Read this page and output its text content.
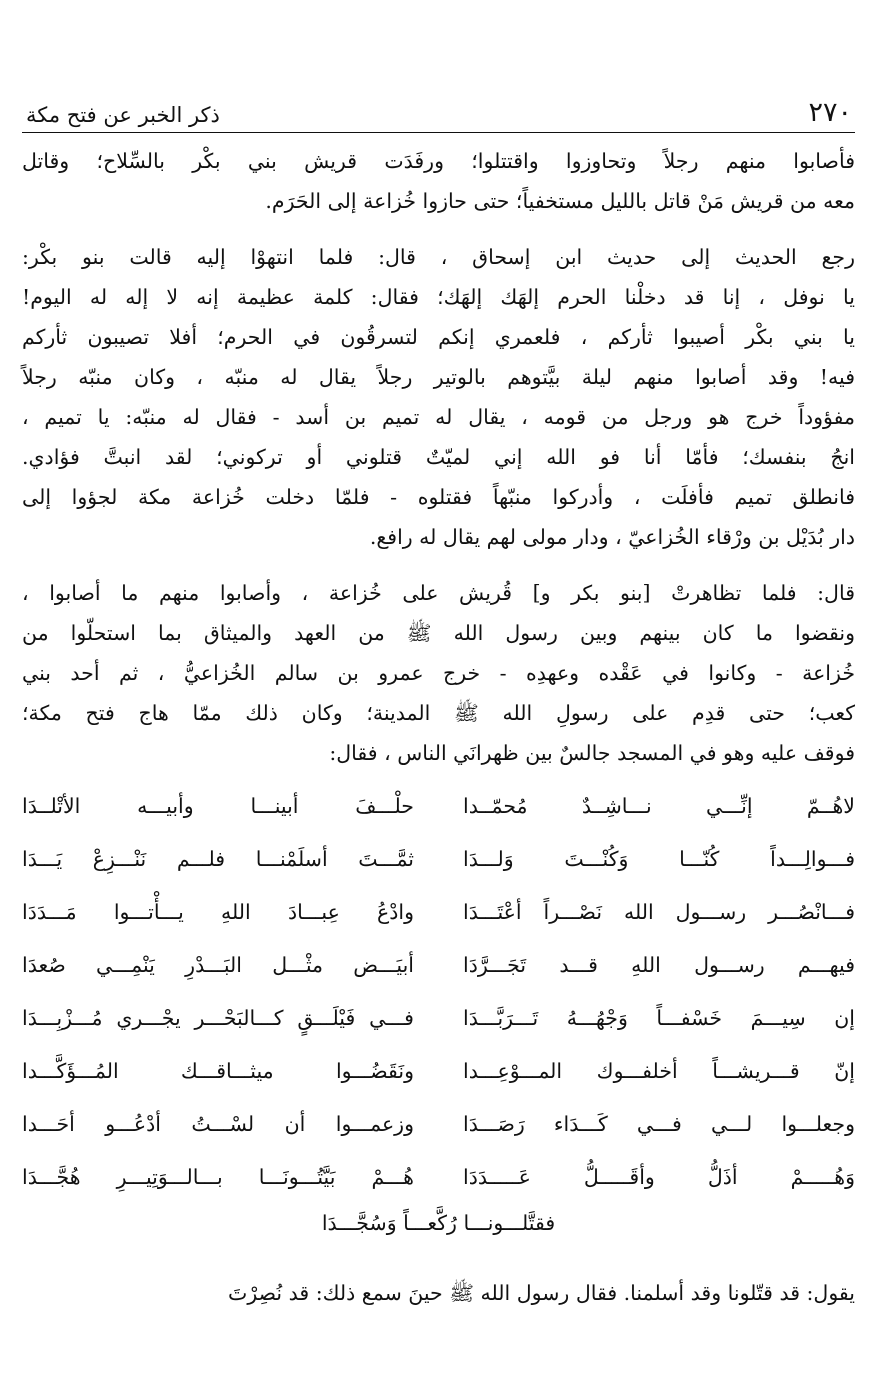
٢٧٠
ذكر الخبر عن فتح مكة
فأصابوا منهم رجلاً وتحاوزوا واقتتلوا؛ ورفَدَت قريش بني بكْر بالسِّلاح؛ وقاتل
معه من قريش مَنْ قاتل بالليل مستخفياً؛ حتى حازوا خُزاعة إلى الحَرَم.
رجع الحديث إلى حديث ابن إسحاق ، قال: فلما انتهوْا إليه قالت بنو بكْر:
يا نوفل ، إنا قد دخلْنا الحرم إلهَك إلهَك؛ فقال: كلمة عظيمة إنه لا إله له اليوم!
يا بني بكْر أصيبوا ثأركم ، فلعمري إنكم لتسرقُون في الحرم؛ أفلا تصيبون ثأركم
فيه! وقد أصابوا منهم ليلة بيَّتوهم بالوتير رجلاً يقال له منبّه ، وكان منبّه رجلاً
مفؤوداً خرج هو ورجل من قومه ، يقال له تميم بن أسد - فقال له منبّه: يا تميم ،
انجُ بنفسك؛ فأمّا أنا فو الله إني لميّتٌ قتلوني أو تركوني؛ لقد انبتَّ فؤادي.
فانطلق تميم فأفلَت ، وأدركوا منبّهاً فقتلوه - فلمّا دخلت خُزاعة مكة لجؤوا إلى
دار بُدَيْل بن ورْقاء الخُزاعيّ ، ودار مولى لهم يقال له رافع.
قال: فلما تظاهرتْ [بنو بكر و] قُريش على خُزاعة ، وأصابوا منهم ما أصابوا ،
ونقضوا ما كان بينهم وبين رسول الله ﷺ من العهد والميثاق بما استحلّوا من
خُزاعة - وكانوا في عَقْده وعهدِه - خرج عمرو بن سالم الخُزاعيُّ ، ثم أحد بني
كعب؛ حتى قدِم على رسولِ الله ﷺ المدينة؛ وكان ذلك ممّا هاج فتح مكة؛
فوقف عليه وهو في المسجد جالسٌ بين ظهرانَي الناس ، فقال:
لاهُــمّ إنِّـــي نـــاشِــدٌ مُحمّــدا
حلْـــفَ أبينـــا وأبيـــه الأتْلــدَا
فـــوالِـــداً كُنّـــا وَكُنْـــتَ وَلـــدَا
ثمَّـــتَ أسلَمْنـــا فلـــم نَنْـــزِعْ يَـــدَا
فـــانْصُـــر رســـول الله نَصْـــراً أعْتَـــدَا
وادْعُ عِبـــادَ اللهِ يـــأْتـــوا مَـــدَدَا
فيهـــم رســـول اللهِ قـــد تَجَـــرَّدَا
أبيَـــض مثْـــل البَـــدْرِ يَنْمِـــي صُعدَا
إن سِيـــمَ خَسْفـــاً وَجْهُـــهُ تَـــرَبَّـــدَا
فـــي فَيْلَـــقٍ كـــالبَحْـــر يجْـــري مُـــزْبِـــدَا
إنّ قـــريشـــاً أخلفـــوك المـــوْعِـــدا
ونَقَضُـــوا ميثـــاقـــك المُـــؤَكَّـــدا
وجعلـــوا لـــي فـــي كَـــدَاء رَصَـــدَا
وزعمـــوا أن لسْـــتُ أدْعُـــو أحَـــدا
وَهُـــــمْ أذَلُّ وأقَـــــلُّ عَـــــدَدَا
هُـــمْ بَيَّتُـــونَـــا بـــالـــوَتِيـــرِ هُجَّـــدَا
فقتَّلـــونـــا رُكَّعـــاً وَسُجَّـــدَا
يقول: قد قتّلونا وقد أسلمنا. فقال رسول الله ﷺ حينَ سمع ذلك: قد نُصِرْتَ
